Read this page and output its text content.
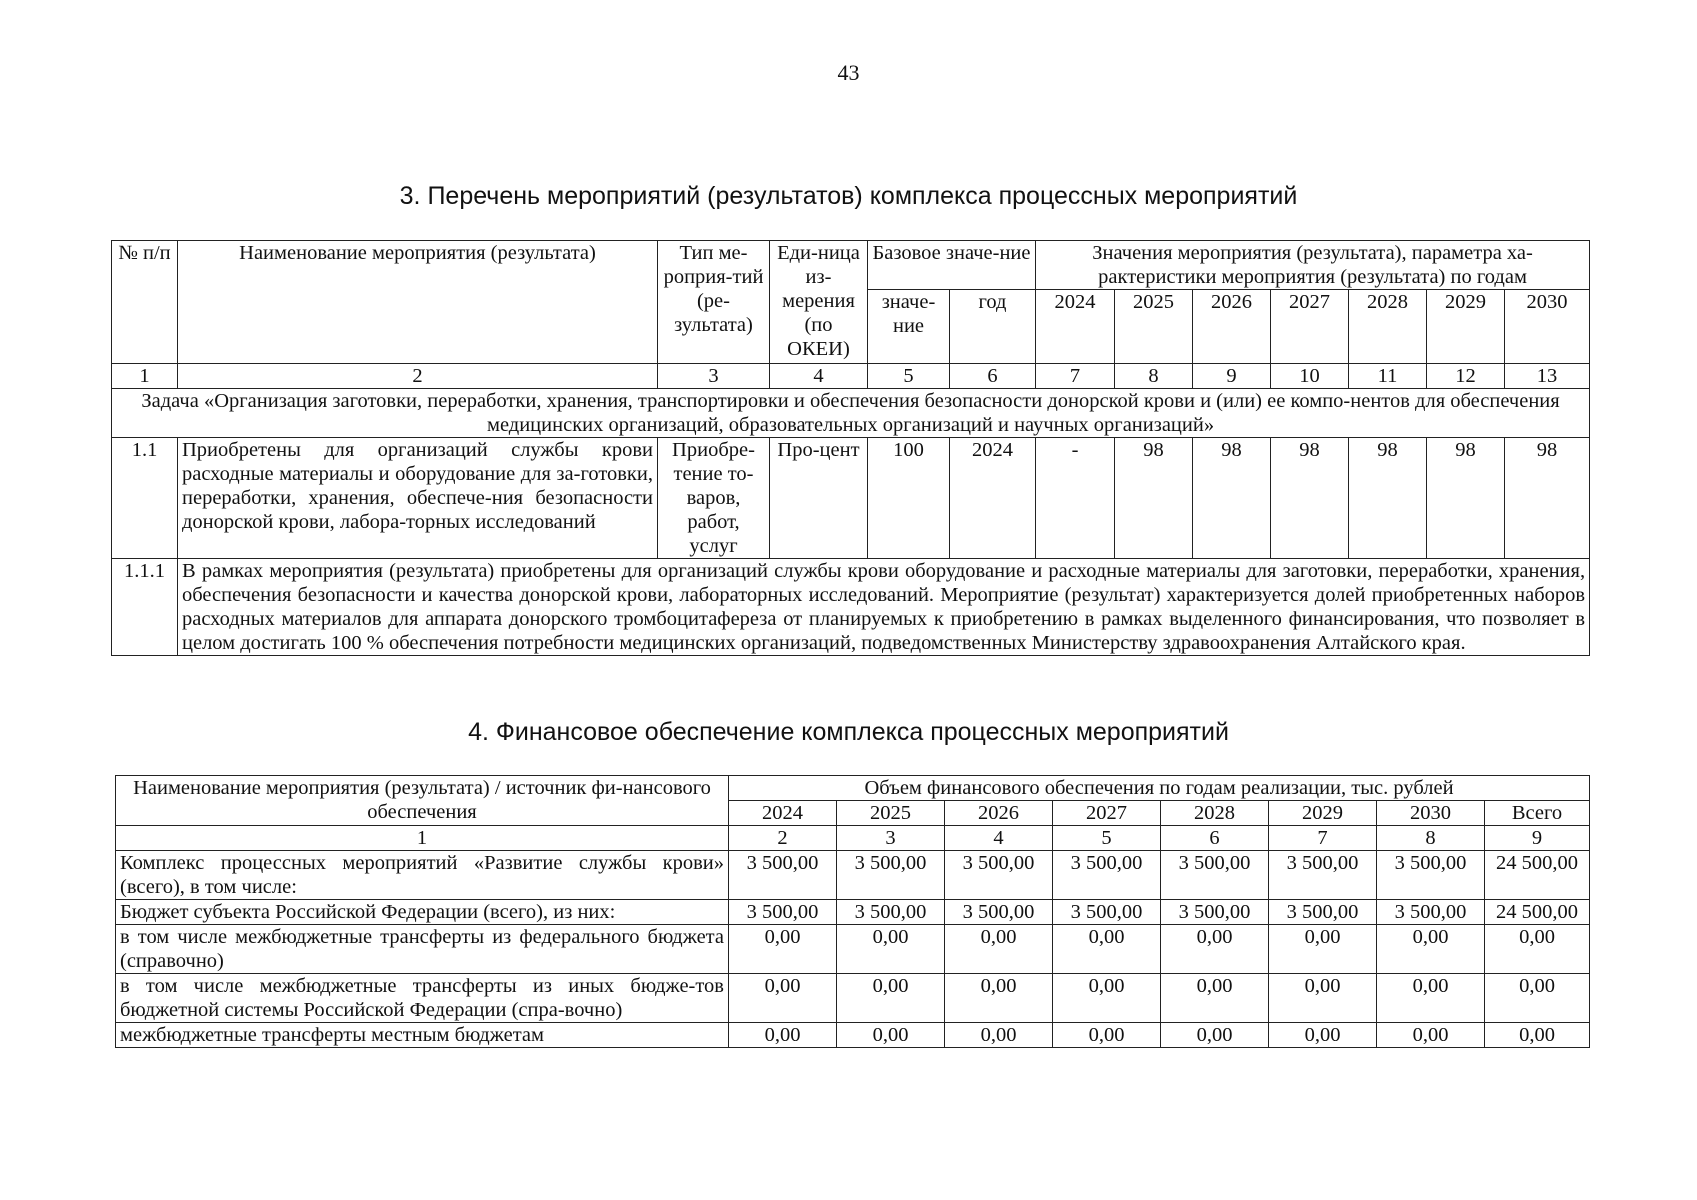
43
3. Перечень мероприятий (результатов) комплекса процессных мероприятий
№ п/п	Наименование мероприятия (результата)	Тип ме-роприя-тий (ре-зультата)	Еди-ница из-мерения (по ОКЕИ)	Базовое значе-ние		Значения мероприятия (результата), параметра ха-рактеристики мероприятия (результата) по годам						
				значе-ние	год	2024	2025	2026	2027	2028	2029	2030
1	2	3	4	5	6	7	8	9	10	11	12	13
Задача «Организация заготовки, переработки, хранения, транспортировки и обеспечения безопасности донорской крови и (или) ее компо-нентов для обеспечения медицинских организаций, образовательных организаций и научных организаций»												
1.1	Приобретены для организаций службы крови расходные материалы и оборудование для за-готовки, переработки, хранения, обеспече-ния безопасности донорской крови, лабора-торных исследований	Приобре-тение то-варов, работ, услуг	Про-цент	100	2024	-	98	98	98	98	98	98
1.1.1	В рамках мероприятия (результата) приобретены для организаций службы крови оборудование и расходные материалы для заготовки, переработки, хранения, обеспечения безопасности и качества донорской крови, лабораторных исследований. Мероприятие (результат) характеризуется долей приобретенных наборов расходных материалов для аппарата донорского тромбоцитафереза от планируемых к приобретению в рамках выделенного финансирования, что позволяет в целом достигать 100 % обеспечения потребности медицинских организаций, подведомственных Министерству здравоохранения Алтайского края.											
4. Финансовое обеспечение комплекса процессных мероприятий
Наименование мероприятия (результата) / источник фи-нансового обеспечения	Объем финансового обеспечения по годам реализации, тыс. рублей							
	2024	2025	2026	2027	2028	2029	2030	Всего
1	2	3	4	5	6	7	8	9
Комплекс процессных мероприятий «Развитие службы крови» (всего), в том числе:	3 500,00	3 500,00	3 500,00	3 500,00	3 500,00	3 500,00	3 500,00	24 500,00
Бюджет субъекта Российской Федерации (всего), из них:	3 500,00	3 500,00	3 500,00	3 500,00	3 500,00	3 500,00	3 500,00	24 500,00
в том числе межбюджетные трансферты из федерального бюджета (справочно)	0,00	0,00	0,00	0,00	0,00	0,00	0,00	0,00
в том числе межбюджетные трансферты из иных бюдже-тов бюджетной системы Российской Федерации (спра-вочно)	0,00	0,00	0,00	0,00	0,00	0,00	0,00	0,00
межбюджетные трансферты местным бюджетам	0,00	0,00	0,00	0,00	0,00	0,00	0,00	0,00
